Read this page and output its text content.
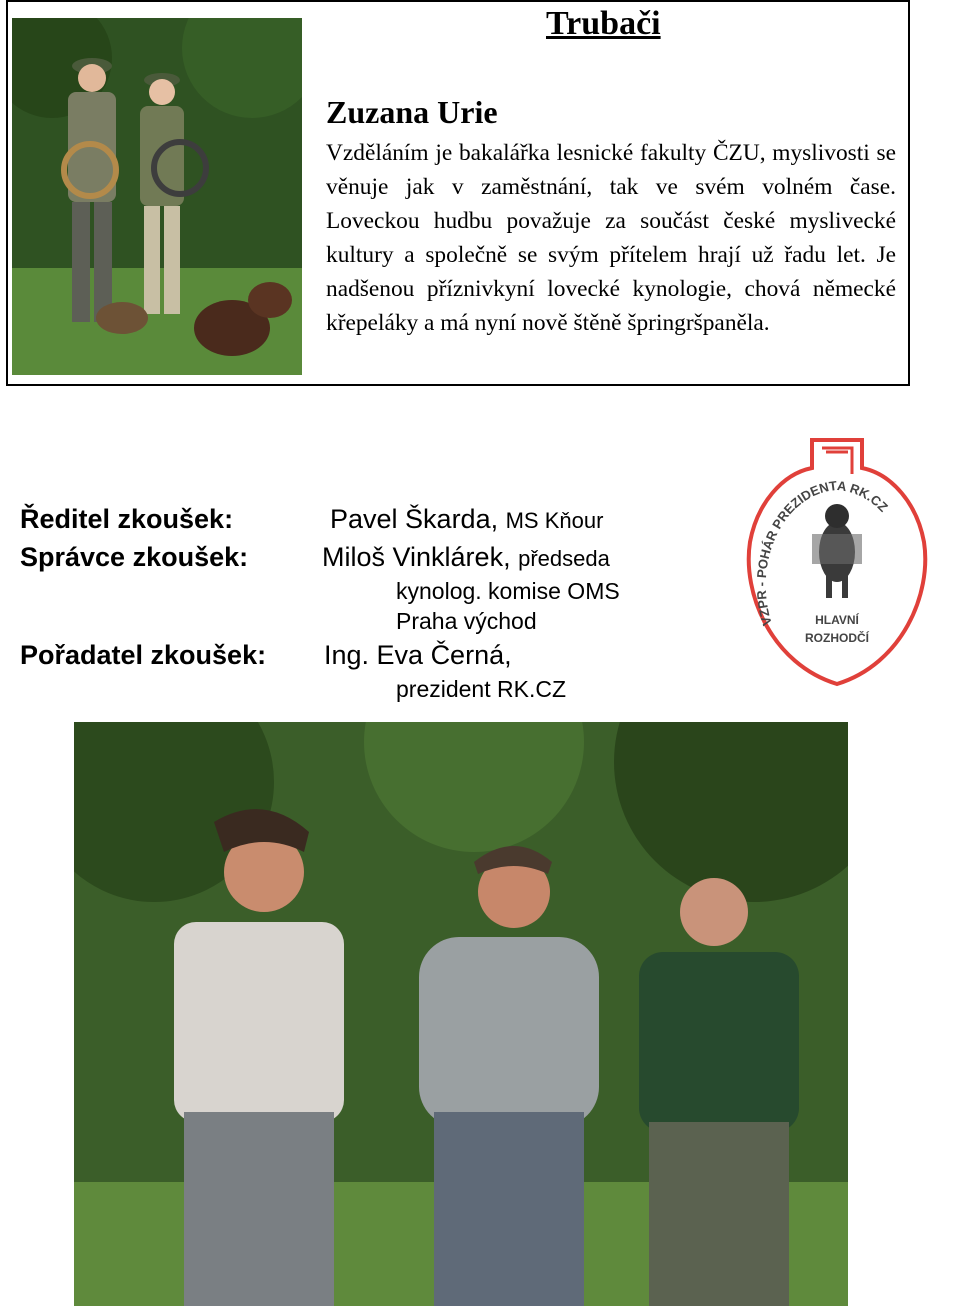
Trubači
Zuzana Urie
Vzděláním je bakalářka lesnické fakulty ČZU, myslivosti se věnuje jak v zaměstnání, tak ve svém volném čase. Loveckou hudbu považuje za součást české myslivecké kultury a společně se svým přítelem hrají už řadu let. Je nadšenou příznivkyní lovecké kynologie, chová německé křepeláky a má nyní nově štěně špringršpaněla.
Ředitel zkoušek:	Pavel Škarda, MS Kňour
Správce zkoušek:	Miloš Vinklárek, předseda
kynolog. komise OMS
Praha východ
Pořadatel zkoušek: Ing. Eva Černá,
prezident RK.CZ
HLAVNÍ
ROZHODČÍ
VZPR - POHÁR PREZIDENTA RK.CZ
